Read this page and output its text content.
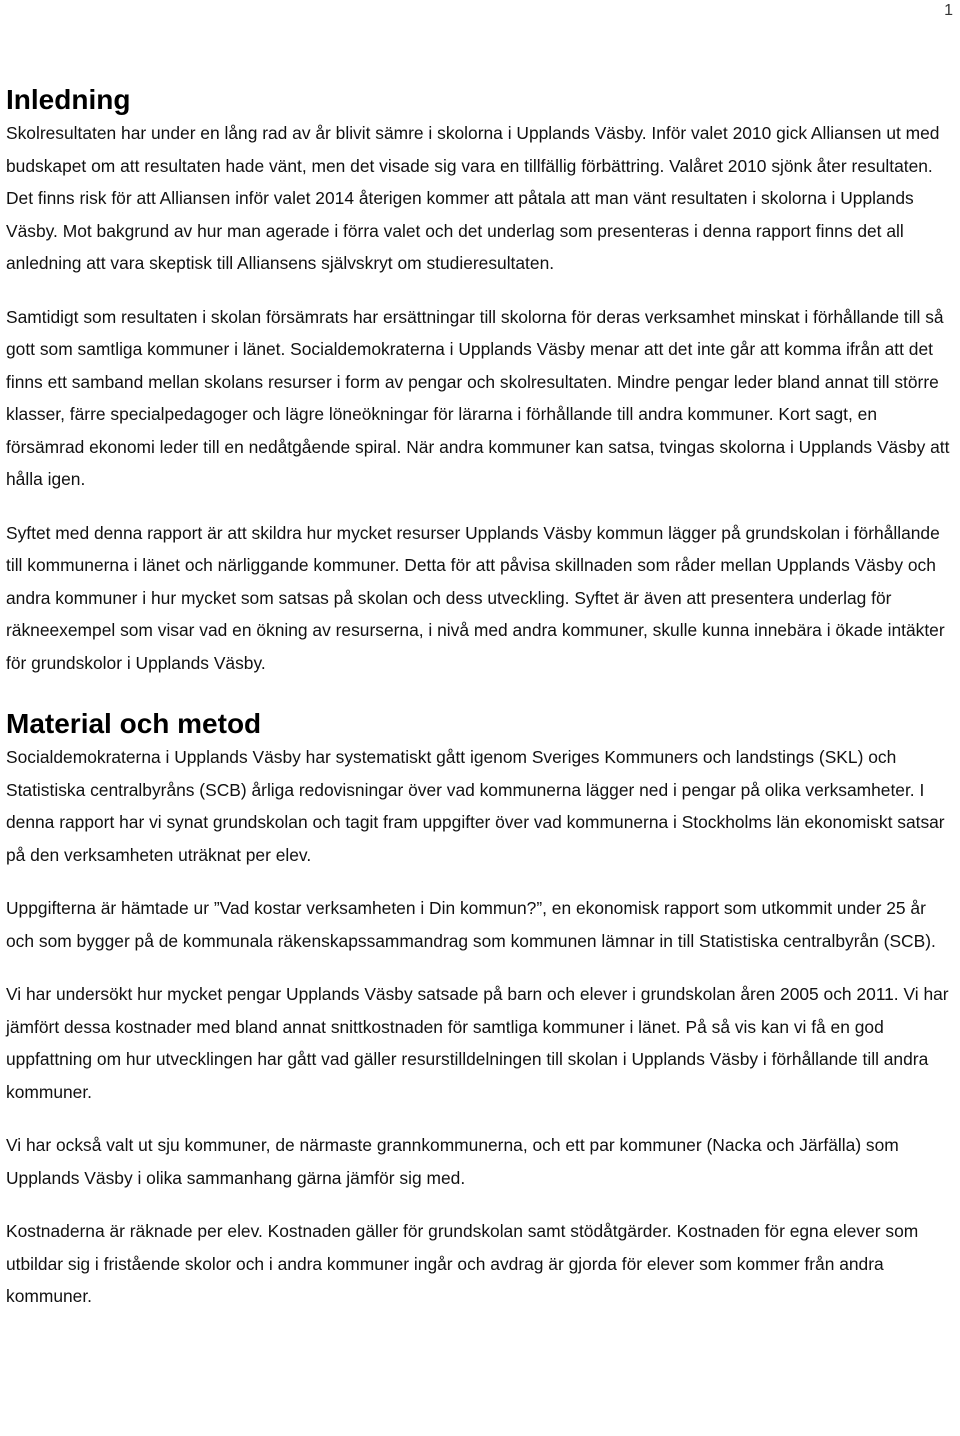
1
Inledning

Skolresultaten har under en lång rad av år blivit sämre i skolorna i Upplands Väsby. Inför valet 2010 gick Alliansen ut med budskapet om att resultaten hade vänt, men det visade sig vara en tillfällig förbättring. Valåret 2010 sjönk åter resultaten. Det finns risk för att Alliansen inför valet 2014 återigen kommer att påtala att man vänt resultaten i skolorna i Upplands Väsby. Mot bakgrund av hur man agerade i förra valet och det underlag som presenteras i denna rapport finns det all anledning att vara skeptisk till Alliansens självskryt om studieresultaten.

Samtidigt som resultaten i skolan försämrats har ersättningar till skolorna för deras verksamhet minskat i förhållande till så gott som samtliga kommuner i länet. Socialdemokraterna i Upplands Väsby menar att det inte går att komma ifrån att det finns ett samband mellan skolans resurser i form av pengar och skolresultaten. Mindre pengar leder bland annat till större klasser, färre specialpedagoger och lägre löneökningar för lärarna i förhållande till andra kommuner. Kort sagt, en försämrad ekonomi leder till en nedåtgående spiral. När andra kommuner kan satsa, tvingas skolorna i Upplands Väsby att hålla igen.

Syftet med denna rapport är att skildra hur mycket resurser Upplands Väsby kommun lägger på grundskolan i förhållande till kommunerna i länet och närliggande kommuner. Detta för att påvisa skillnaden som råder mellan Upplands Väsby och andra kommuner i hur mycket som satsas på skolan och dess utveckling. Syftet är även att presentera underlag för räkneexempel som visar vad en ökning av resurserna, i nivå med andra kommuner, skulle kunna innebära i ökade intäkter för grundskolor i Upplands Väsby.

Material och metod

Socialdemokraterna i Upplands Väsby har systematiskt gått igenom Sveriges Kommuners och landstings (SKL) och Statistiska centralbyråns (SCB) årliga redovisningar över vad kommunerna lägger ned i pengar på olika verksamheter. I denna rapport har vi synat grundskolan och tagit fram uppgifter över vad kommunerna i Stockholms län ekonomiskt satsar på den verksamheten uträknat per elev.

Uppgifterna är hämtade ur ”Vad kostar verksamheten i Din kommun?”, en ekonomisk rapport som utkommit under 25 år och som bygger på de kommunala räkenskapssammandrag som kommunen lämnar in till Statistiska centralbyrån (SCB).

Vi har undersökt hur mycket pengar Upplands Väsby satsade på barn och elever i grundskolan åren 2005 och 2011. Vi har jämfört dessa kostnader med bland annat snittkostnaden för samtliga kommuner i länet. På så vis kan vi få en god uppfattning om hur utvecklingen har gått vad gäller resurstilldelningen till skolan i Upplands Väsby i förhållande till andra kommuner.

Vi har också valt ut sju kommuner, de närmaste grannkommunerna, och ett par kommuner (Nacka och Järfälla) som Upplands Väsby i olika sammanhang gärna jämför sig med.

Kostnaderna är räknade per elev. Kostnaden gäller för grundskolan samt stödåtgärder. Kostnaden för egna elever som utbildar sig i fristående skolor och i andra kommuner ingår och avdrag är gjorda för elever som kommer från andra kommuner.
